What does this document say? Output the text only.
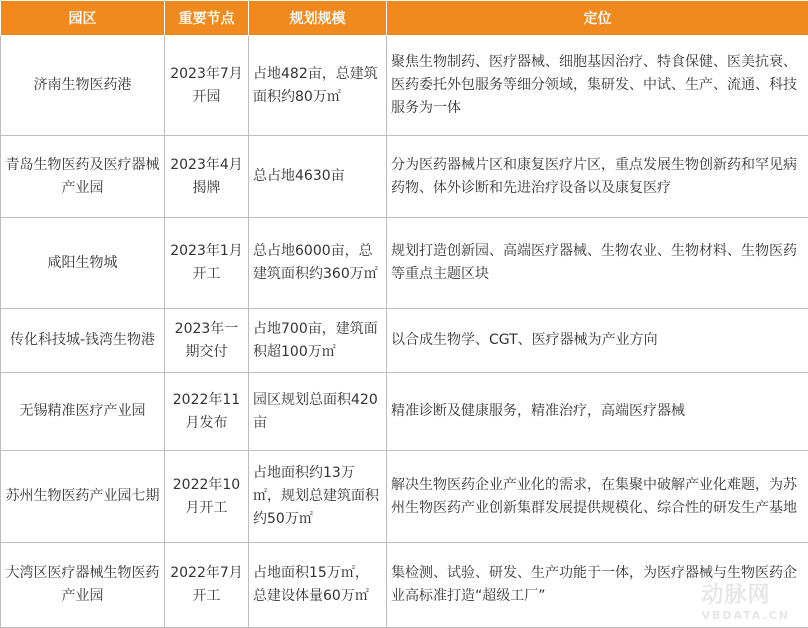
园区	重要节点	规划规模	定位
济南生物医药港	2023年7月开园	占地482亩，总建筑面积约80万㎡	聚焦生物制药、医疗器械、细胞基因治疗、特食保健、医美抗衰、医药委托外包服务等细分领域，集研发、中试、生产、流通、科技服务为一体
青岛生物医药及医疗器械产业园	2023年4月揭牌	总占地4630亩	分为医药器械片区和康复医疗片区，重点发展生物创新药和罕见病药物、体外诊断和先进治疗设备以及康复医疗
咸阳生物城	2023年1月开工	总占地6000亩，总建筑面积约360万㎡	规划打造创新园、高端医疗器械、生物农业、生物材料、生物医药等重点主题区块
传化科技城-钱湾生物港	2023年一期交付	占地700亩，建筑面积超100万㎡	以合成生物学、CGT、医疗器械为产业方向
无锡精准医疗产业园	2022年11月发布	园区规划总面积420亩	精准诊断及健康服务，精准治疗，高端医疗器械
苏州生物医药产业园七期	2022年10月开工	占地面积约13万㎡，规划总建筑面积约50万㎡	解决生物医药企业产业化的需求，在集聚中破解产业化难题，为苏州生物医药产业创新集群发展提供规模化、综合性的研发生产基地
大湾区医疗器械生物医药产业园	2022年7月开工	占地面积15万㎡，总建设体量60万㎡	集检测、试验、研发、生产功能于一体，为医疗器械与生物医药企业高标准打造“超级工厂”	动脉网
VBDATA.CN
